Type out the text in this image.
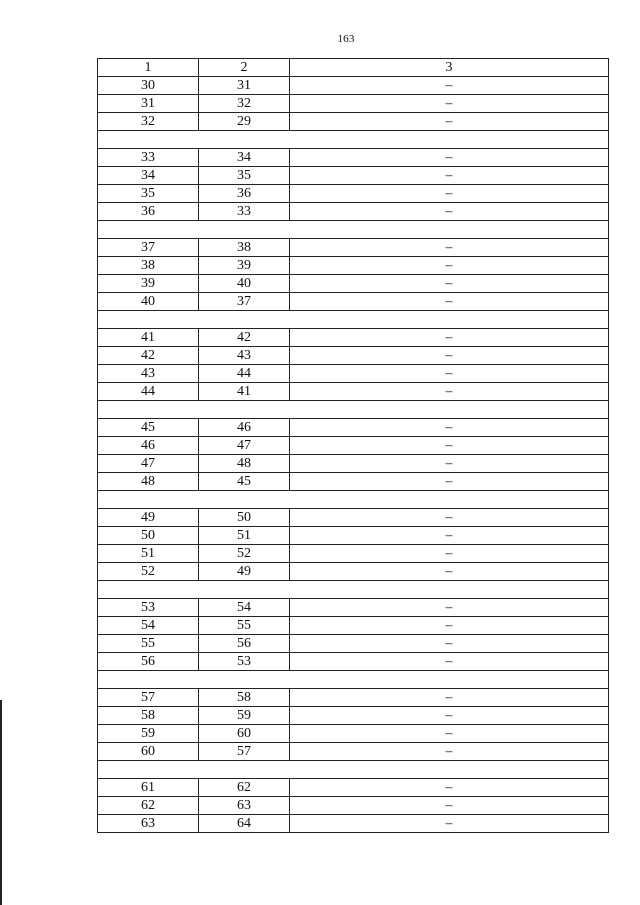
163
1	2	3
30	31	–
31	32	–
32	29	–

33	34	–
34	35	–
35	36	–
36	33	–

37	38	–
38	39	–
39	40	–
40	37	–

41	42	–
42	43	–
43	44	–
44	41	–

45	46	–
46	47	–
47	48	–
48	45	–

49	50	–
50	51	–
51	52	–
52	49	–

53	54	–
54	55	–
55	56	–
56	53	–

57	58	–
58	59	–
59	60	–
60	57	–

61	62	–
62	63	–
63	64	–
